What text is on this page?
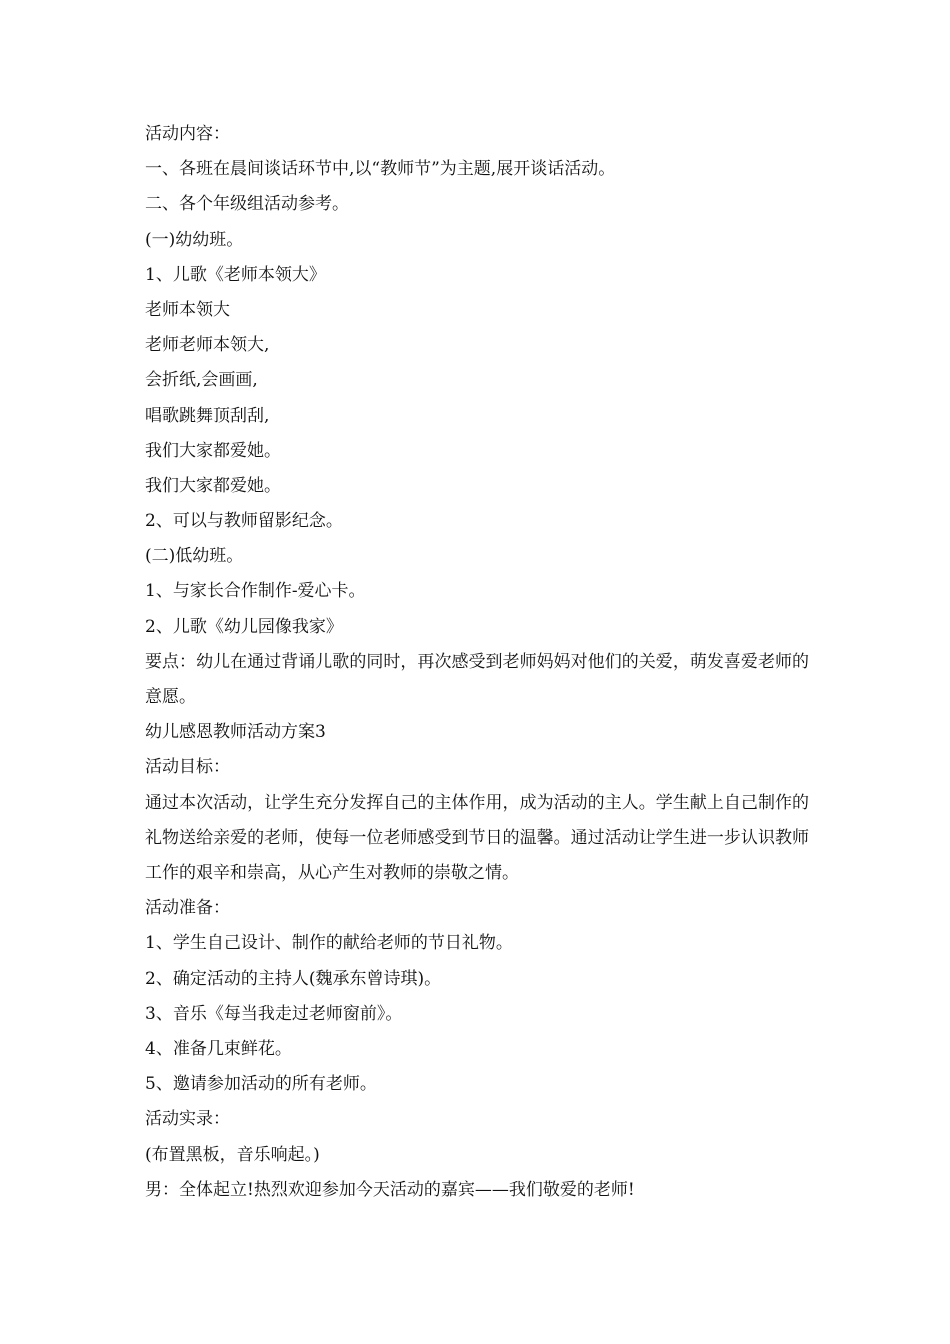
活动内容：
一、各班在晨间谈话环节中,以“教师节”为主题,展开谈话活动。
二、各个年级组活动参考。
(一)幼幼班。
1、儿歌《老师本领大》
老师本领大
老师老师本领大,
会折纸,会画画,
唱歌跳舞顶刮刮,
我们大家都爱她。
我们大家都爱她。
2、可以与教师留影纪念。
(二)低幼班。
1、与家长合作制作-爱心卡。
2、儿歌《幼儿园像我家》
要点：幼儿在通过背诵儿歌的同时，再次感受到老师妈妈对他们的关爱，萌发喜爱老师的意愿。
幼儿感恩教师活动方案3
活动目标：
通过本次活动，让学生充分发挥自己的主体作用，成为活动的主人。学生献上自己制作的礼物送给亲爱的老师，使每一位老师感受到节日的温馨。通过活动让学生进一步认识教师工作的艰辛和崇高，从心产生对教师的崇敬之情。
活动准备：
1、学生自己设计、制作的献给老师的节日礼物。
2、确定活动的主持人(魏承东曾诗琪)。
3、音乐《每当我走过老师窗前》。
4、准备几束鲜花。
5、邀请参加活动的所有老师。
活动实录：
(布置黑板，音乐响起。)
男：全体起立!热烈欢迎参加今天活动的嘉宾——我们敬爱的老师!
